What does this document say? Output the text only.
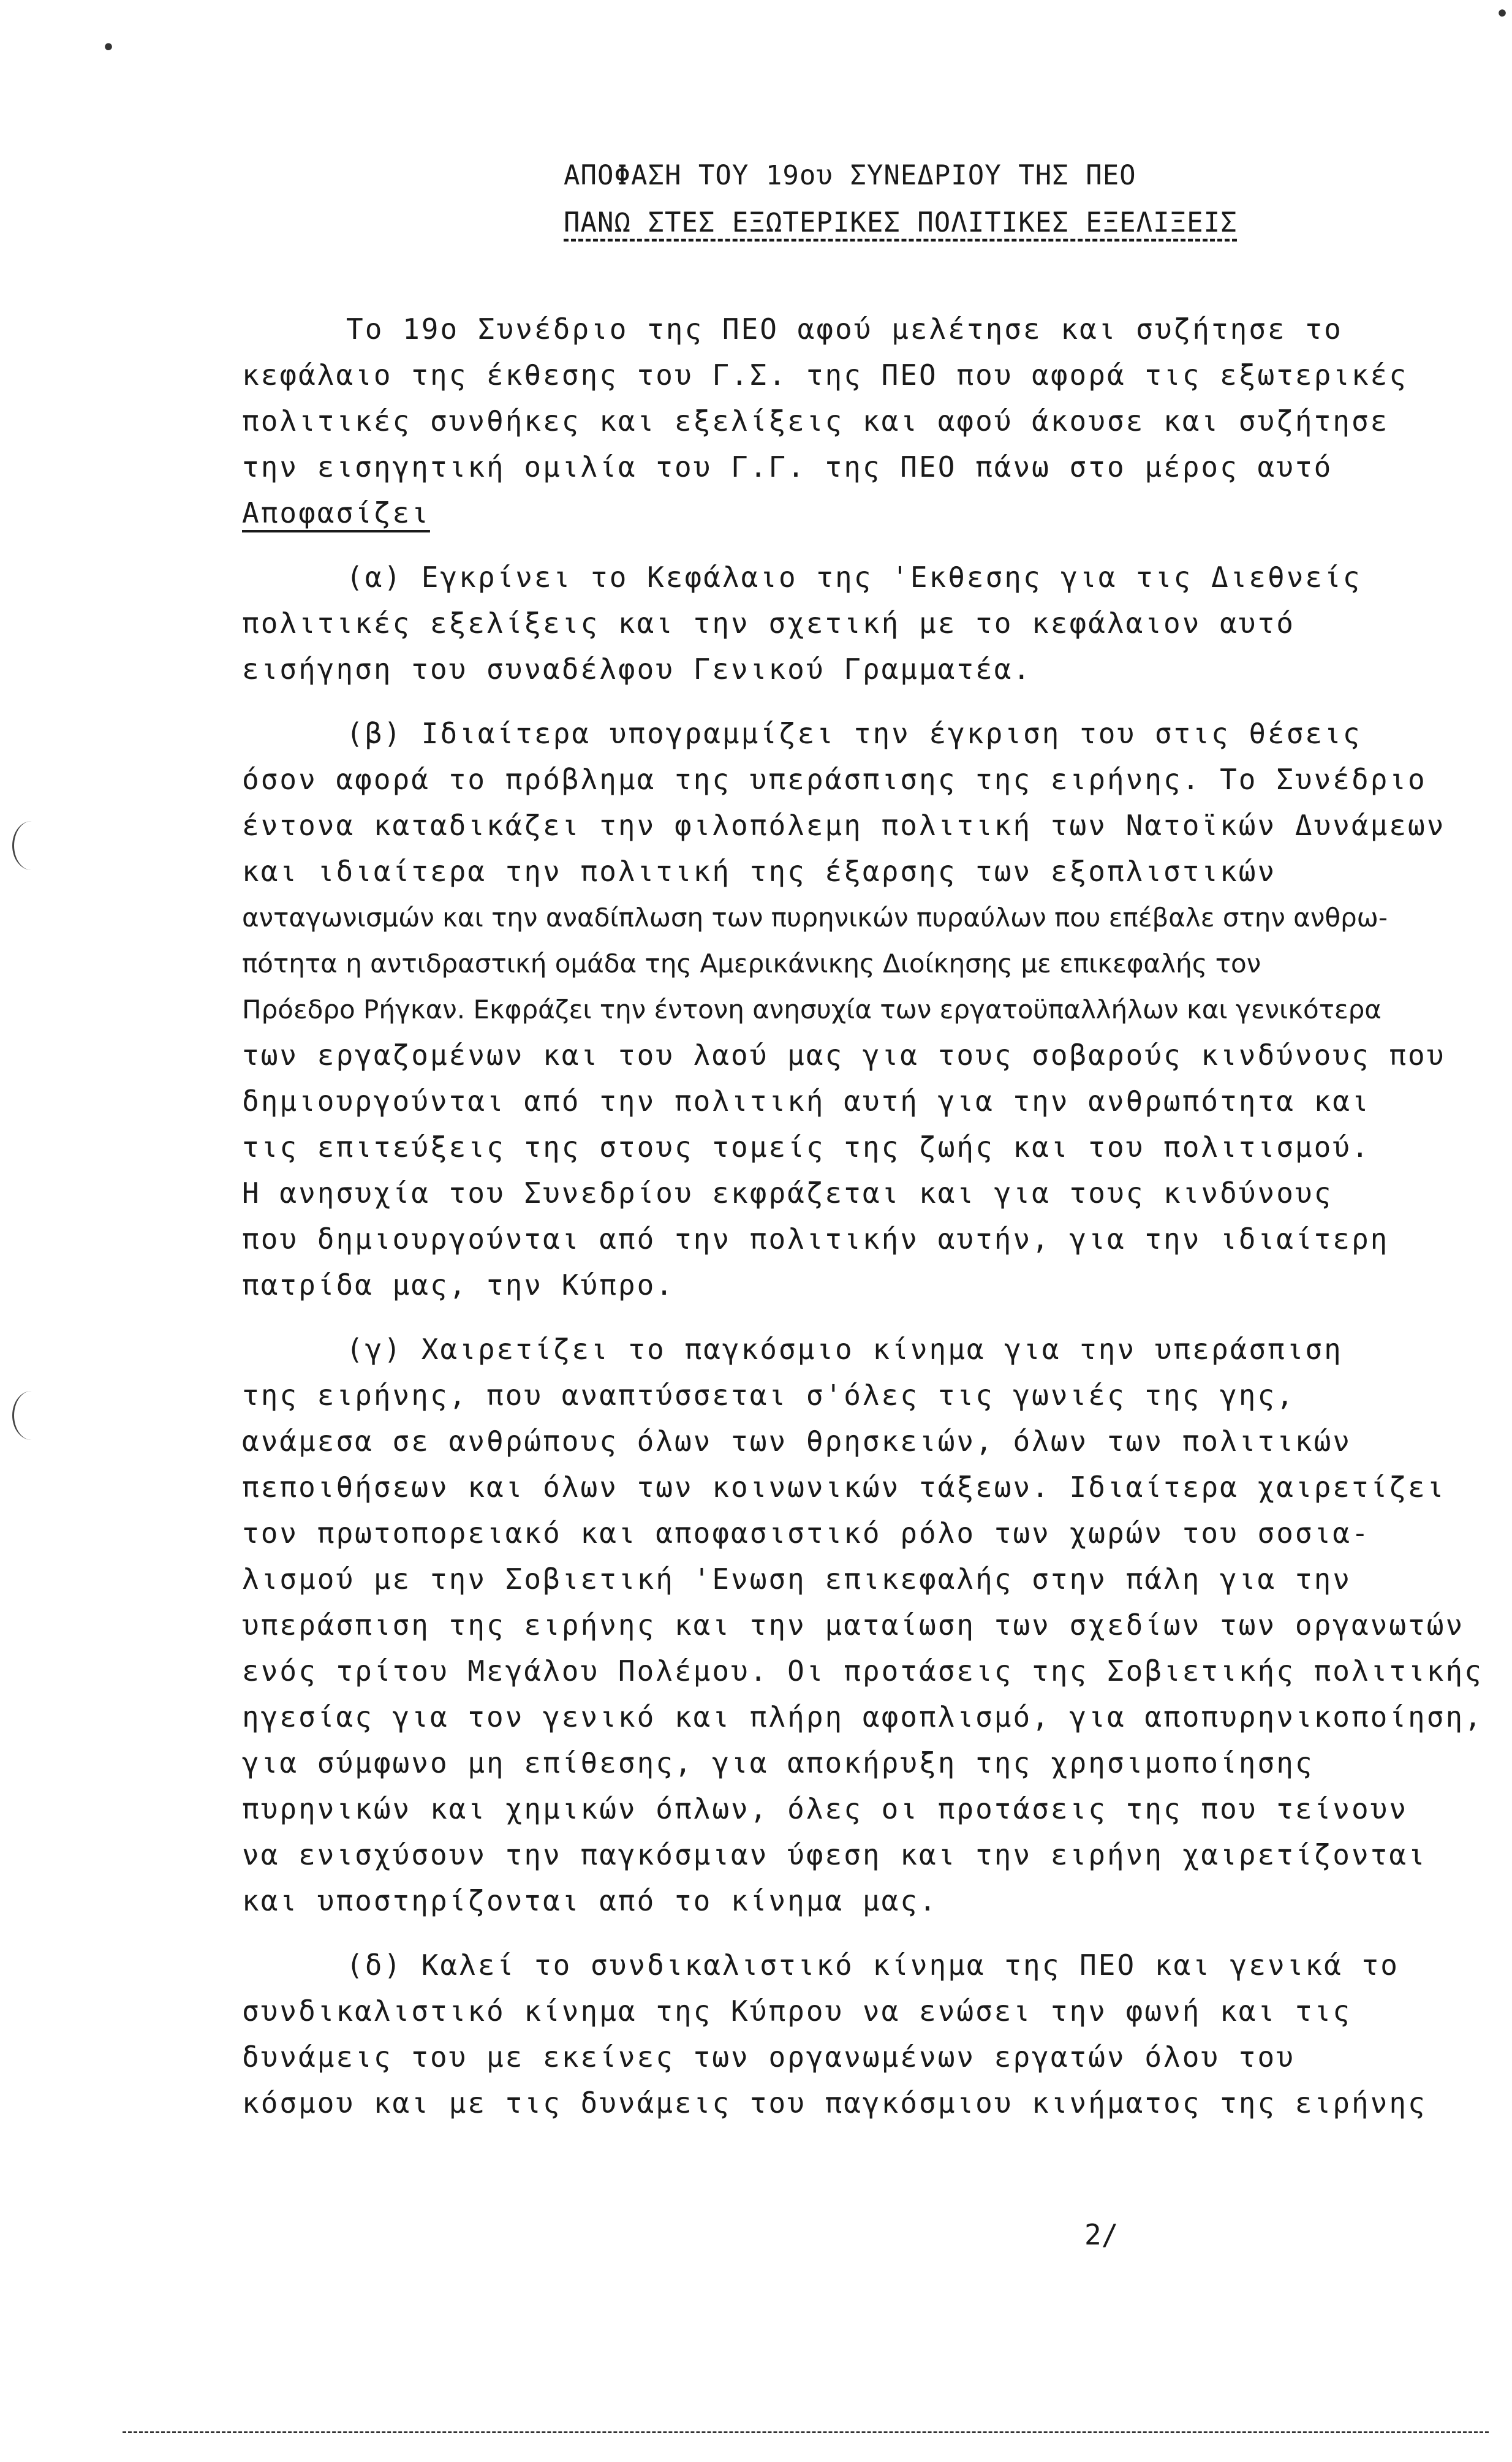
ΑΠΟΦΑΣΗ ΤΟΥ 19ου ΣΥΝΕΔΡΙΟΥ ΤΗΣ ΠΕΟ
ΠΑΝΩ ΣΤΕΣ ΕΞΩΤΕΡΙΚΕΣ ΠΟΛΙΤΙΚΕΣ ΕΞΕΛΙΞΕΙΣ
Το 19ο Συνέδριο της ΠΕΟ αφού μελέτησε και συζήτησε το
κεφάλαιο της έκθεσης του Γ.Σ. της ΠΕΟ που αφορά τις εξωτερικές
πολιτικές συνθήκες και εξελίξεις και αφού άκουσε και συζήτησε
την εισηγητική ομιλία του Γ.Γ. της ΠΕΟ πάνω στο μέρος αυτό
Αποφασίζει
(α) Εγκρίνει το Κεφάλαιο της 'Εκθεσης για τις Διεθνείς
πολιτικές εξελίξεις και την σχετική με το κεφάλαιον αυτό
εισήγηση του συναδέλφου Γενικού Γραμματέα.
(β) Ιδιαίτερα υπογραμμίζει την έγκριση του στις θέσεις
όσον αφορά το πρόβλημα της υπεράσπισης της ειρήνης. Το Συνέδριο
έντονα καταδικάζει την φιλοπόλεμη πολιτική των Νατοϊκών Δυνάμεων
και ιδιαίτερα την πολιτική της έξαρσης των εξοπλιστικών
ανταγωνισμών και την αναδίπλωση των πυρηνικών πυραύλων που επέβαλε στην ανθρω-
πότητα η αντιδραστική ομάδα της Αμερικάνικης Διοίκησης με επικεφαλής τον
Πρόεδρο Ρήγκαν. Εκφράζει την έντονη ανησυχία των εργατοϋπαλλήλων και γενικότερα
των εργαζομένων και του λαού μας για τους σοβαρούς κινδύνους που
δημιουργούνται από την πολιτική αυτή για την ανθρωπότητα και
τις επιτεύξεις της στους τομείς της ζωής και του πολιτισμού.
Η ανησυχία του Συνεδρίου εκφράζεται και για τους κινδύνους
που δημιουργούνται από την πολιτικήν αυτήν, για την ιδιαίτερη
πατρίδα μας, την Κύπρο.
(γ) Χαιρετίζει το παγκόσμιο κίνημα για την υπεράσπιση
της ειρήνης, που αναπτύσσεται σ'όλες τις γωνιές της γης,
ανάμεσα σε ανθρώπους όλων των θρησκειών, όλων των πολιτικών
πεποιθήσεων και όλων των κοινωνικών τάξεων. Ιδιαίτερα χαιρετίζει
τον πρωτοπορειακό και αποφασιστικό ρόλο των χωρών του σοσια-
λισμού με την Σοβιετική 'Ενωση επικεφαλής στην πάλη για την
υπεράσπιση της ειρήνης και την ματαίωση των σχεδίων των οργανωτών
ενός τρίτου Μεγάλου Πολέμου. Οι προτάσεις της Σοβιετικής πολιτικής
ηγεσίας για τον γενικό και πλήρη αφοπλισμό, για αποπυρηνικοποίηση,
για σύμφωνο μη επίθεσης, για αποκήρυξη της χρησιμοποίησης
πυρηνικών και χημικών όπλων, όλες οι προτάσεις της που τείνουν
να ενισχύσουν την παγκόσμιαν ύφεση και την ειρήνη χαιρετίζονται
και υποστηρίζονται από το κίνημα μας.
(δ) Καλεί το συνδικαλιστικό κίνημα της ΠΕΟ και γενικά το
συνδικαλιστικό κίνημα της Κύπρου να ενώσει την φωνή και τις
δυνάμεις του με εκείνες των οργανωμένων εργατών όλου του
κόσμου και με τις δυνάμεις του παγκόσμιου κινήματος της ειρήνης
2/
•
•
